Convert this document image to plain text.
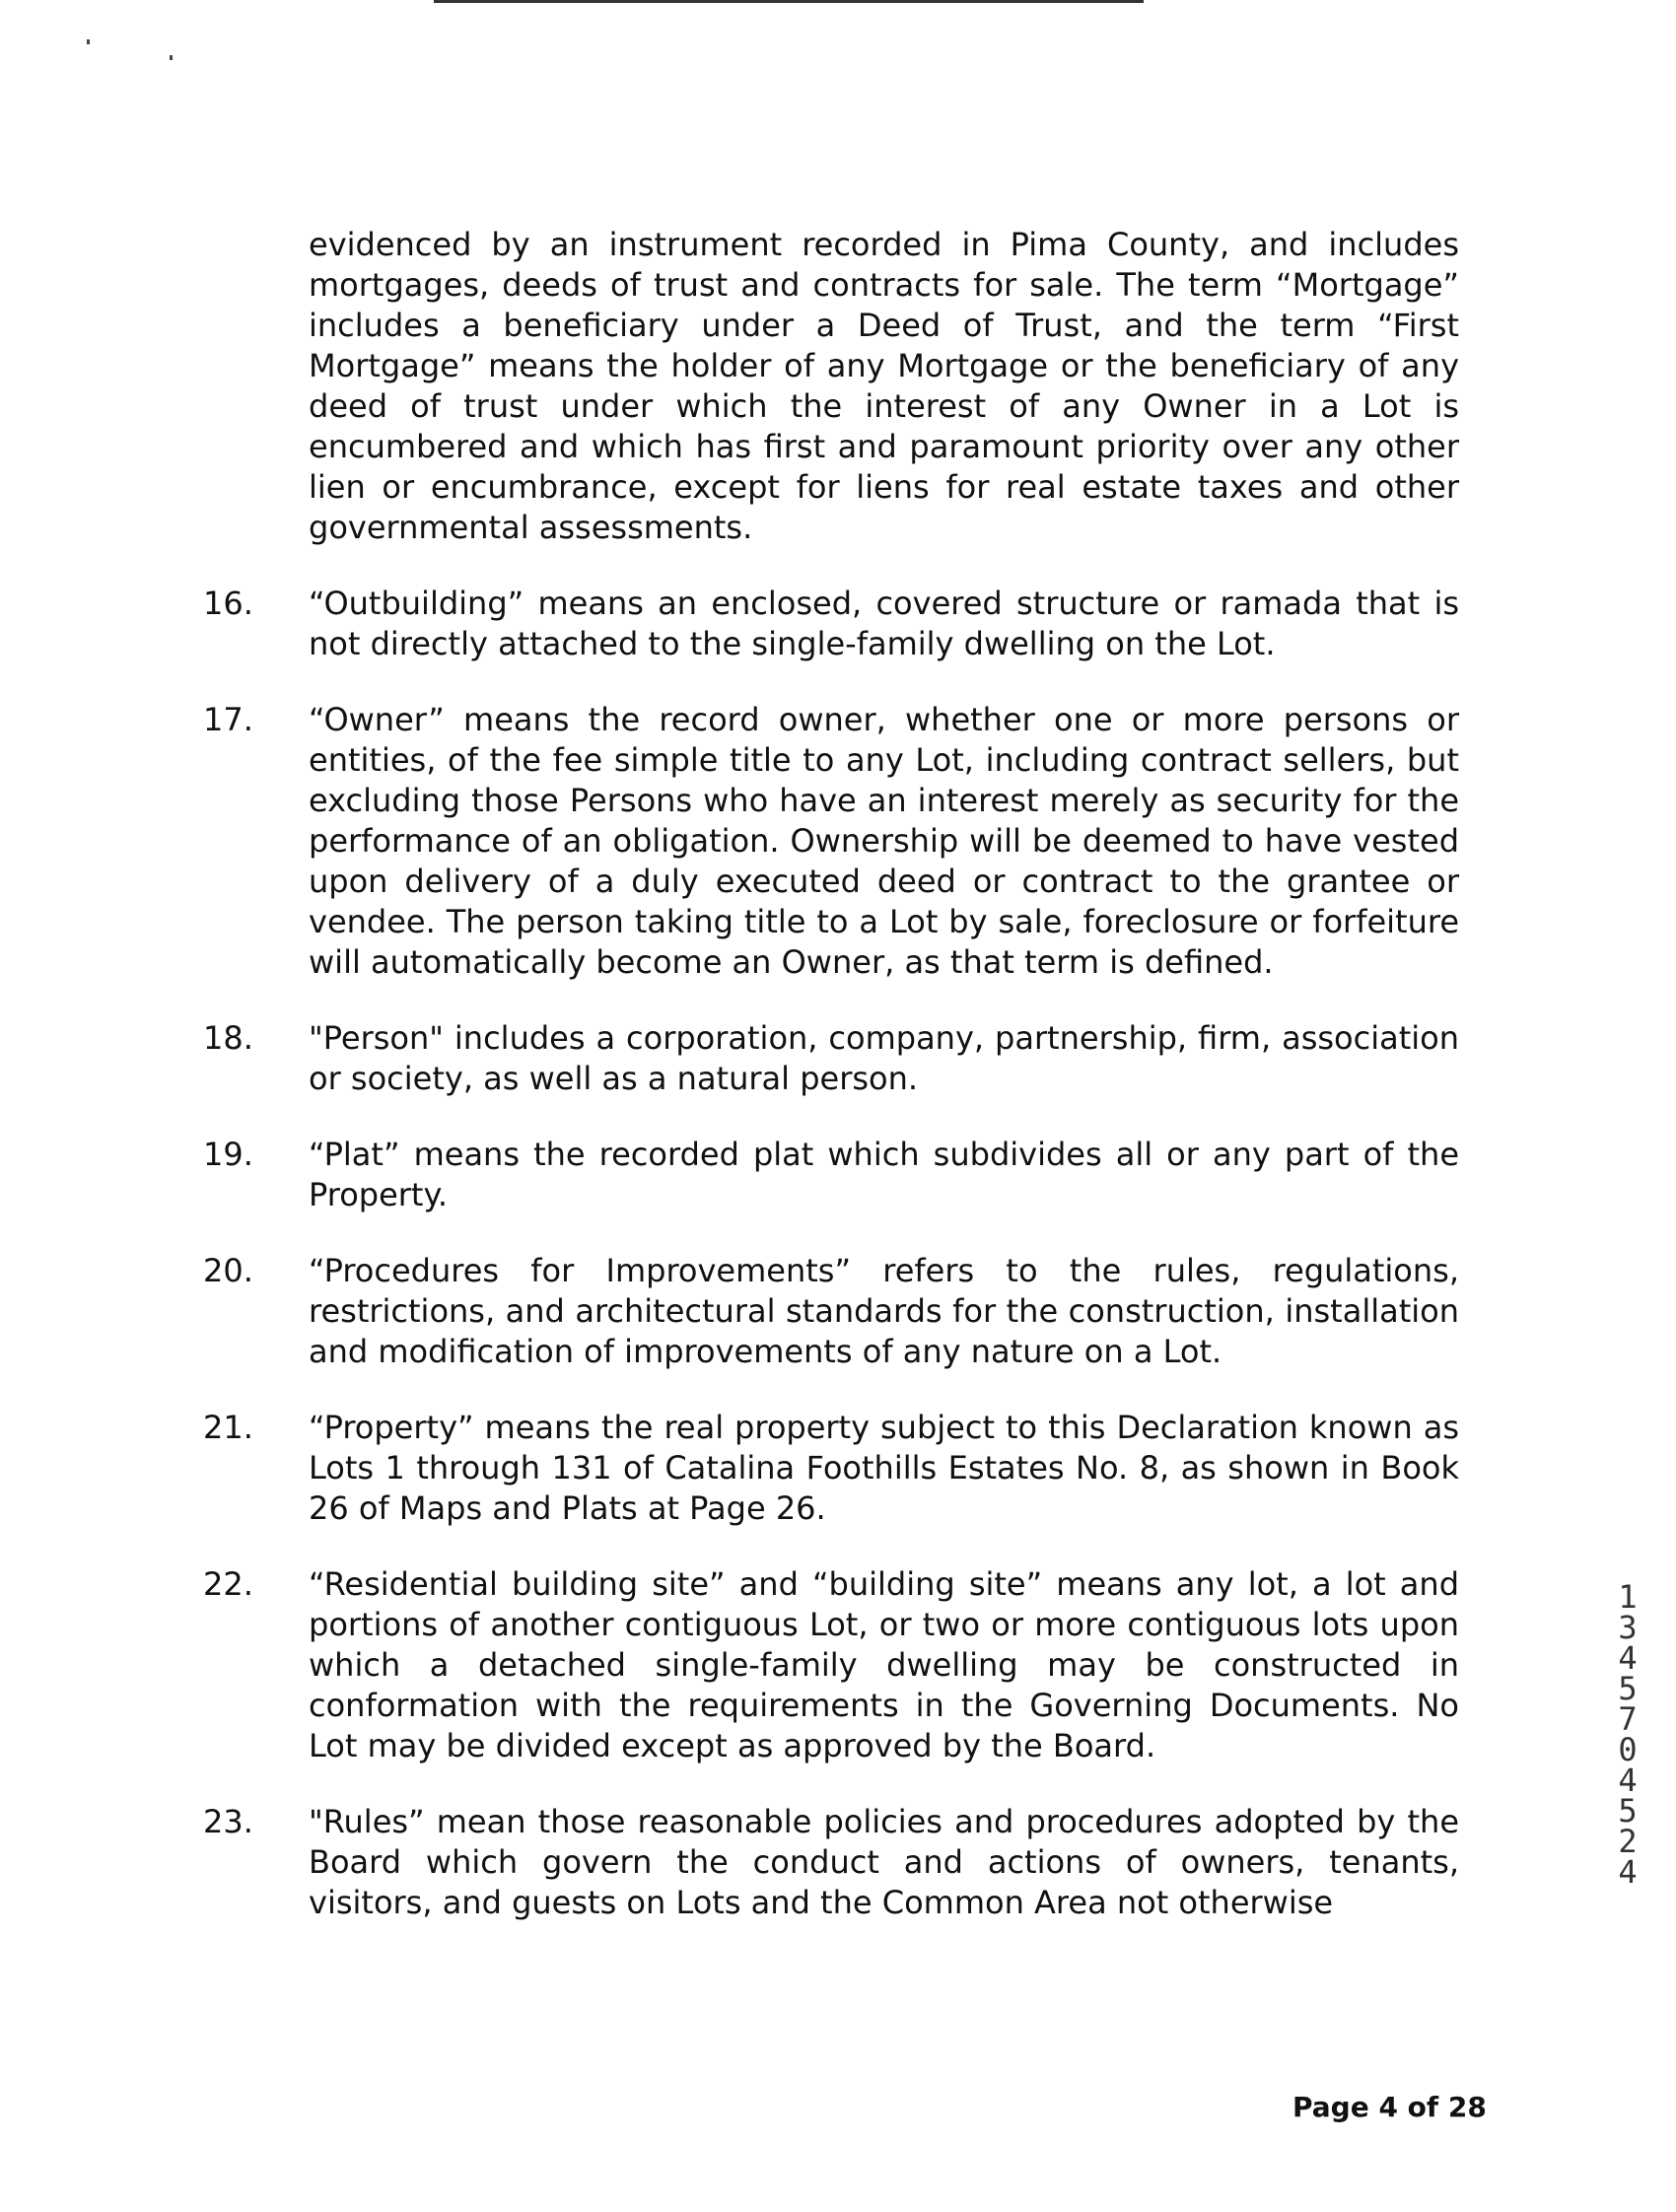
evidenced by an instrument recorded in Pima County, and includes mortgages, deeds of trust and contracts for sale. The term “Mortgage” includes a beneficiary under a Deed of Trust, and the term “First Mortgage” means the holder of any Mortgage or the beneficiary of any deed of trust under which the interest of any Owner in a Lot is encumbered and which has first and paramount priority over any other lien or encumbrance, except for liens for real estate taxes and other governmental assessments.

16.	“Outbuilding” means an enclosed, covered structure or ramada that is not directly attached to the single-family dwelling on the Lot.
17.	“Owner” means the record owner, whether one or more persons or entities, of the fee simple title to any Lot, including contract sellers, but excluding those Persons who have an interest merely as security for the performance of an obligation. Ownership will be deemed to have vested upon delivery of a duly executed deed or contract to the grantee or vendee. The person taking title to a Lot by sale, foreclosure or forfeiture will automatically become an Owner, as that term is defined.
18.	"Person" includes a corporation, company, partnership, firm, association or society, as well as a natural person.
19.	“Plat” means the recorded plat which subdivides all or any part of the Property.
20.	“Procedures for Improvements” refers to the rules, regulations, restrictions, and architectural standards for the construction, installation and modification of improvements of any nature on a Lot.
21.	“Property” means the real property subject to this Declaration known as Lots 1 through 131 of Catalina Foothills Estates No. 8, as shown in Book 26 of Maps and Plats at Page 26.
22.	“Residential building site” and “building site” means any lot, a lot and portions of another contiguous Lot, or two or more contiguous lots upon which a detached single-family dwelling may be constructed in conformation with the requirements in the Governing Documents. No Lot may be divided except as approved by the Board.
23.	"Rules” mean those reasonable policies and procedures adopted by the Board which govern the conduct and actions of owners, tenants, visitors, and guests on Lots and the Common Area not otherwise
13457 04524
Page 4 of 28
